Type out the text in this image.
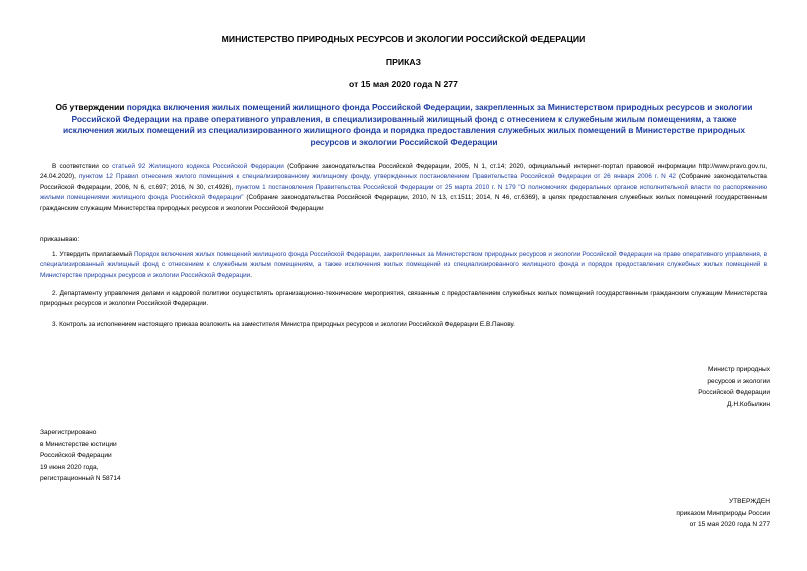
МИНИСТЕРСТВО ПРИРОДНЫХ РЕСУРСОВ И ЭКОЛОГИИ РОССИЙСКОЙ ФЕДЕРАЦИИ
ПРИКАЗ
от 15 мая 2020 года N 277
Об утверждении порядка включения жилых помещений жилищного фонда Российской Федерации, закрепленных за Министерством природных ресурсов и экологии Российской Федерации на праве оперативного управления, в специализированный жилищный фонд с отнесением к служебным жилым помещениям, а также исключения жилых помещений из специализированного жилищного фонда и порядка предоставления служебных жилых помещений в Министерстве природных ресурсов и экологии Российской Федерации
В соответствии со статьей 92 Жилищного кодекса Российской Федерации (Собрание законодательства Российской Федерации, 2005, N 1, ст.14; 2020, официальный интернет-портал правовой информации http://www.pravo.gov.ru, 24.04.2020), пунктом 12 Правил отнесения жилого помещения к специализированному жилищному фонду, утвержденных постановлением Правительства Российской Федерации от 26 января 2006 г. N 42 (Собрание законодательства Российской Федерации, 2006, N 6, ст.697; 2016, N 30, ст.4926), пунктом 1 постановления Правительства Российской Федерации от 25 марта 2010 г. N 179 "О полномочиях федеральных органов исполнительной власти по распоряжению жилыми помещениями жилищного фонда Российской Федерации" (Собрание законодательства Российской Федерации, 2010, N 13, ст.1511; 2014, N 46, ст.6369), в целях предоставления служебных жилых помещений государственным гражданским служащим Министерства природных ресурсов и экологии Российской Федерации
приказываю:
1. Утвердить прилагаемый Порядок включения жилых помещений жилищного фонда Российской Федерации, закрепленных за Министерством природных ресурсов и экологии Российской Федерации на праве оперативного управления, в специализированный жилищный фонд с отнесением к служебным жилым помещениям, а также исключения жилых помещений из специализированного жилищного фонда и порядок предоставления служебных жилых помещений в Министерстве природных ресурсов и экологии Российской Федерации.
2. Департаменту управления делами и кадровой политики осуществлять организационно-технические мероприятия, связанные с предоставлением служебных жилых помещений государственным гражданским служащим Министерства природных ресурсов и экологии Российской Федерации.
3. Контроль за исполнением настоящего приказа возложить на заместителя Министра природных ресурсов и экологии Российской Федерации Е.В.Панову.
Министр природных
ресурсов и экологии
Российской Федерации
Д.Н.Кобылкин
Зарегистрировано
в Министерстве юстиции
Российской Федерации
19 июня 2020 года,
регистрационный N 58714
УТВЕРЖДЕН
приказом Минприроды России
от 15 мая 2020 года N 277
